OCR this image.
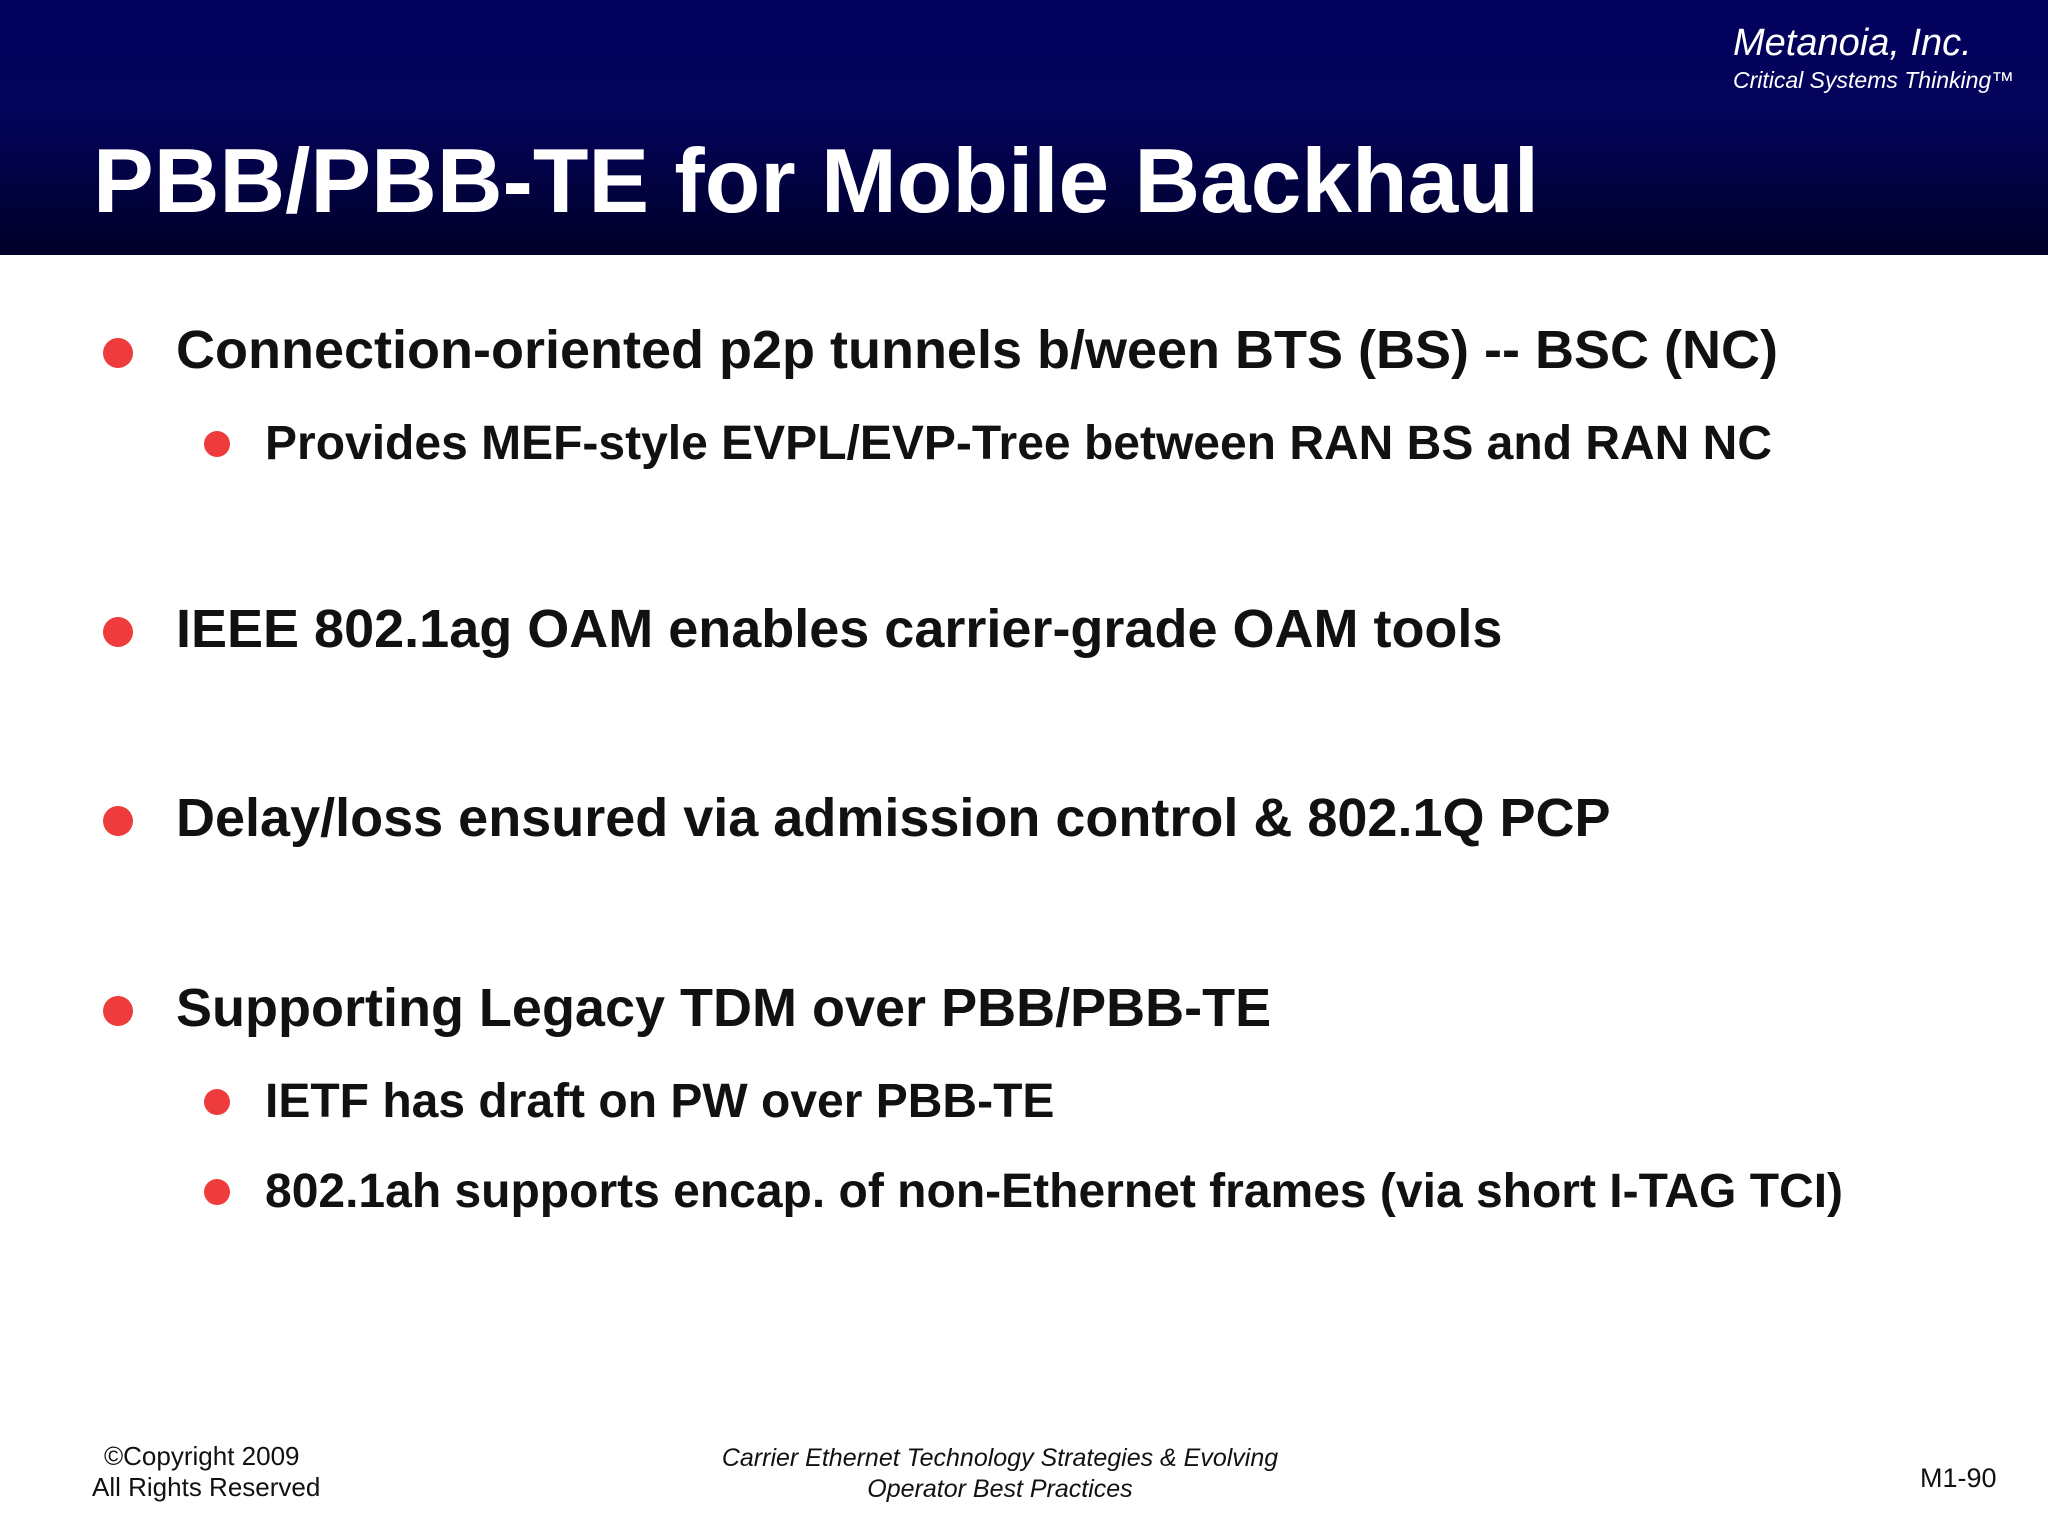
Metanoia, Inc.
Critical Systems Thinking™
PBB/PBB-TE for Mobile Backhaul
Connection-oriented p2p tunnels b/ween BTS (BS) -- BSC (NC)
Provides MEF-style EVPL/EVP-Tree between RAN BS and RAN NC
IEEE 802.1ag OAM enables carrier-grade OAM tools
Delay/loss ensured via admission control & 802.1Q PCP
Supporting Legacy TDM over PBB/PBB-TE
IETF has draft on PW over PBB-TE
802.1ah supports encap. of non-Ethernet frames (via short I-TAG TCI)
©Copyright 2009
All Rights Reserved
Carrier Ethernet Technology Strategies & Evolving
Operator Best Practices	M1-90
